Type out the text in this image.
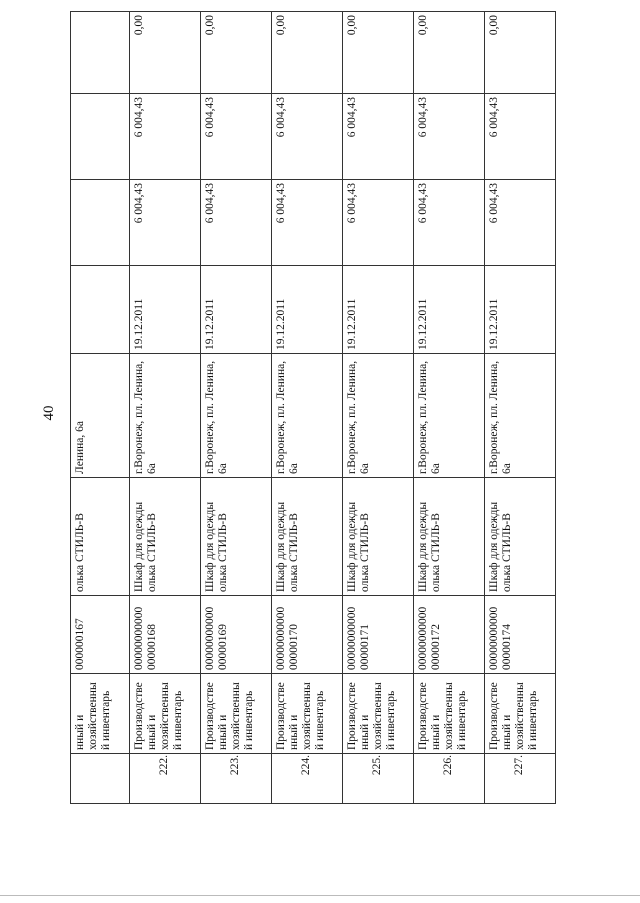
40
	нный и хозяйственны й инвентарь	000000167	олька СТИЛЬ-В	Ленина, 6а				
222.	Производстве нный и хозяйственны й инвентарь	00000000000 00000168	Шкаф для одежды олька СТИЛЬ-В	г.Воронеж, пл. Ленина, 6а	19.12.2011	6 004,43	6 004,43	0,00
223.	Производстве нный и хозяйственны й инвентарь	00000000000 00000169	Шкаф для одежды олька СТИЛЬ-В	г.Воронеж, пл. Ленина, 6а	19.12.2011	6 004,43	6 004,43	0,00
224.	Производстве нный и хозяйственны й инвентарь	00000000000 00000170	Шкаф для одежды олька СТИЛЬ-В	г.Воронеж, пл. Ленина, 6а	19.12.2011	6 004,43	6 004,43	0,00
225.	Производстве нный и хозяйственны й инвентарь	00000000000 00000171	Шкаф для одежды олька СТИЛЬ-В	г.Воронеж, пл. Ленина, 6а	19.12.2011	6 004,43	6 004,43	0,00
226.	Производстве нный и хозяйственны й инвентарь	00000000000 00000172	Шкаф для одежды олька СТИЛЬ-В	г.Воронеж, пл. Ленина, 6а	19.12.2011	6 004,43	6 004,43	0,00
227.	Производстве нный и хозяйственны й инвентарь	00000000000 00000174	Шкаф для одежды олька СТИЛЬ-В	г.Воронеж, пл. Ленина, 6а	19.12.2011	6 004,43	6 004,43	0,00
